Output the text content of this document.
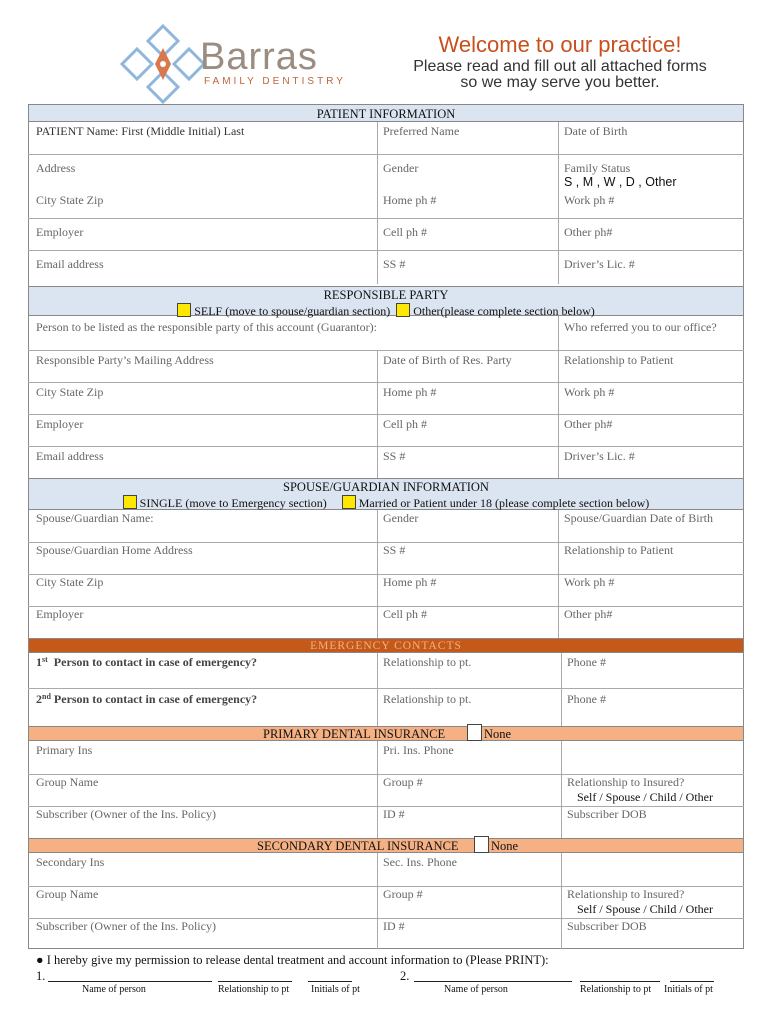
Barras
FAMILY DENTISTRY
Welcome to our practice!
Please read and fill out all attached forms
so we may serve you better.
PATIENT INFORMATION
PATIENT Name: First (Middle Initial) Last	Preferred Name	Date of Birth
Address	Gender	Family Status
S , M , W , D , Other
City State Zip	Home ph #	Work ph #
Employer	Cell ph #	Other ph#
Email address	SS #	Driver’s Lic. #
RESPONSIBLE PARTY
SELF (move to spouse/guardian section) Other(please complete section below)
Person to be listed as the responsible party of this account (Guarantor):	Who referred you to our office?
Responsible Party’s Mailing Address	Date of Birth of Res. Party	Relationship to Patient
City State Zip	Home ph #	Work ph #
Employer	Cell ph #	Other ph#
Email address	SS #	Driver’s Lic. #
SPOUSE/GUARDIAN INFORMATION
SINGLE (move to Emergency section)	Married or Patient under 18 (please complete section below)
Spouse/Guardian Name:	Gender	Spouse/Guardian Date of Birth
Spouse/Guardian Home Address	SS #	Relationship to Patient
City State Zip	Home ph #	Work ph #
Employer	Cell ph #	Other ph#
EMERGENCY CONTACTS
1st Person to contact in case of emergency?	Relationship to pt.	Phone #
2nd Person to contact in case of emergency?	Relationship to pt.	Phone #
PRIMARY DENTAL INSURANCE	None
Primary Ins	Pri. Ins. Phone
Group Name	Group #	Relationship to Insured?
Self / Spouse / Child / Other
Subscriber (Owner of the Ins. Policy)	ID #	Subscriber DOB
SECONDARY DENTAL INSURANCE	None
Secondary Ins	Sec. Ins. Phone
Group Name	Group #	Relationship to Insured?
Self / Spouse / Child / Other
Subscriber (Owner of the Ins. Policy)	ID #	Subscriber DOB
● I hereby give my permission to release dental treatment and account information to (Please PRINT):
1.	2.
Name of person	Relationship to pt Initials of pt	Name of person	Relationship to pt Initials of pt
